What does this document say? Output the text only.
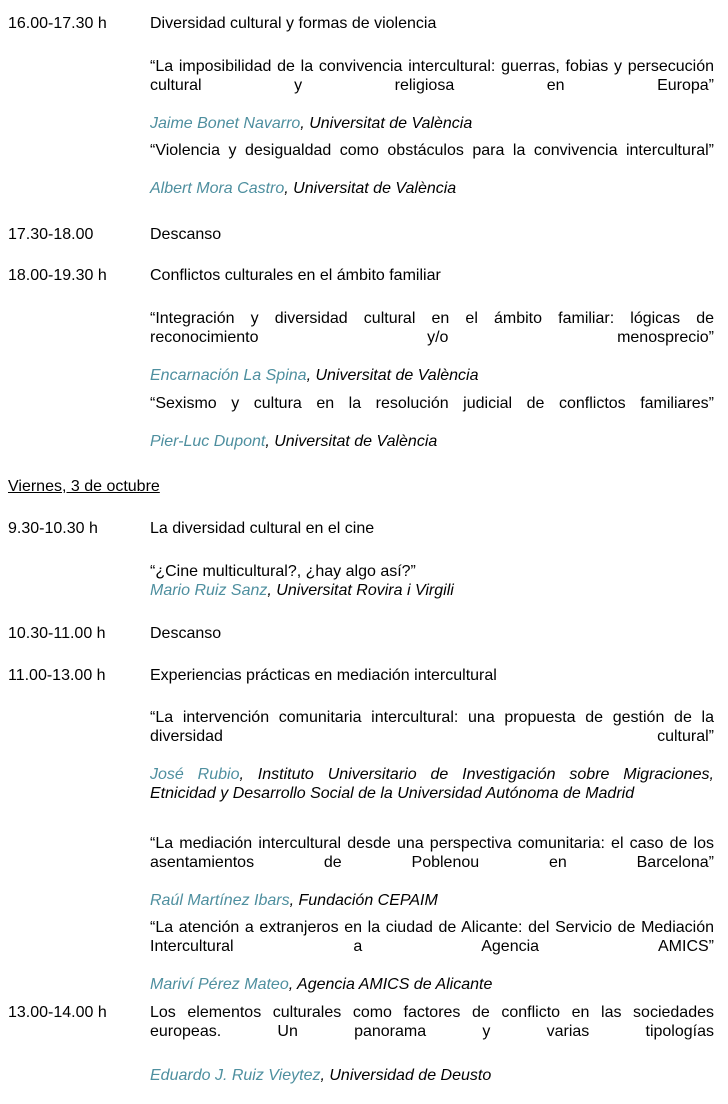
16.00-17.30 h	Diversidad cultural y formas de violencia
“La imposibilidad de la convivencia intercultural: guerras, fobias y persecución cultural y religiosa en Europa”
Jaime Bonet Navarro, Universitat de València
“Violencia y desigualdad como obstáculos para la convivencia intercultural”
Albert Mora Castro, Universitat de València
17.30-18.00	Descanso
18.00-19.30 h	Conflictos culturales en el ámbito familiar
“Integración y diversidad cultural en el ámbito familiar: lógicas de reconocimiento y/o menosprecio”
Encarnación La Spina, Universitat de València
“Sexismo y cultura en la resolución judicial de conflictos familiares”
Pier-Luc Dupont, Universitat de València
Viernes, 3 de octubre
9.30-10.30 h	La diversidad cultural en el cine
“¿Cine multicultural?, ¿hay algo así?”
Mario Ruiz Sanz, Universitat Rovira i Virgili
10.30-11.00 h	Descanso
11.00-13.00 h	Experiencias prácticas en mediación intercultural
“La intervención comunitaria intercultural: una propuesta de gestión de la diversidad cultural”
José Rubio, Instituto Universitario de Investigación sobre Migraciones, Etnicidad y Desarrollo Social de la Universidad Autónoma de Madrid
“La mediación intercultural desde una perspectiva comunitaria: el caso de los asentamientos de Poblenou en Barcelona”
Raúl Martínez Ibars, Fundación CEPAIM
“La atención a extranjeros en la ciudad de Alicante: del Servicio de Mediación Intercultural a Agencia AMICS”
Mariví Pérez Mateo, Agencia AMICS de Alicante
13.00-14.00 h	Los elementos culturales como factores de conflicto en las sociedades europeas. Un panorama y varias tipologías
Eduardo J. Ruiz Vieytez, Universidad de Deusto
